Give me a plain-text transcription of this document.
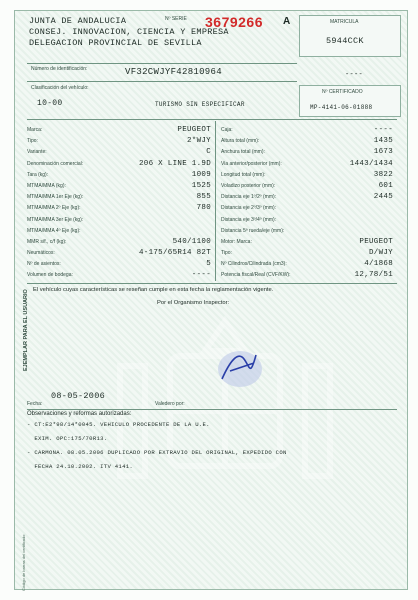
JUNTA DE ANDALUCIA
CONSEJ. INNOVACION, CIENCIA Y EMPRESA
DELEGACION PROVINCIAL DE SEVILLA
Nº SERIE 3679266 A	MATRICULA
5944CCK
Número de identificación:	VF32CWJYF42810964	----
Clasificación del vehículo:
10-00	TURISMO SIN ESPECIFICAR
Nº CERTIFICADO
MP-4141-06-01888
Marca:	PEUGEOT
Tipo:	2*WJY
Variante:	C
Denominación comercial:	206 X LINE 1.9D
Tara (kg):	1009
MTMA/MMA (kg):	1525
MTMA/MMA 1er Eje (kg):	855
MTMA/MMA 2º Eje (kg):	780
MTMA/MMA 3er Eje (kg):
MTMA/MMA 4º Eje (kg):
MMR s/f., c/f (kg):	540/1100
Neumáticos:	4-175/65R14 82T
Nº de asientos:	5
Volumen de bodega:	----
Caja:	----
Altura total (mm):	1435
Anchura total (mm):	1673
Via anterior/posterior (mm):	1443/1434
Longitud total (mm):	3822
Voladizo posterior (mm):	601
Distancia eje 1º/2º (mm):	2445
Distancia eje 2º/3º (mm):
Distancia eje 3º/4º (mm):
Distancia 5ª rueda/eje (mm):
Motor: Marca:	PEUGEOT
Tipo:	D/WJY
Nº Cilindros/Cilindrada (cm3):	4/1868
Potencia fiscal/Real (CVF/KW):	12,78/51
El vehículo cuyas características se reseñan cumple en esta fecha la reglamentación vigente.
Por el Organismo Inspector:
EJEMPLAR PARA EL USUARIO
Código de barras del certificado
Fecha:
08-05-2006
Valedero por:
Observaciones y reformas autorizadas:
- CT:E2*98/14*0045. VEHICULO PROCEDENTE DE LA U.E.
EXIM. OPC:175/70R13.
- CARMONA. 08.05.2006 DUPLICADO POR EXTRAVIO DEL ORIGINAL, EXPEDIDO CON
FECHA 24.10.2002. ITV 4141.
